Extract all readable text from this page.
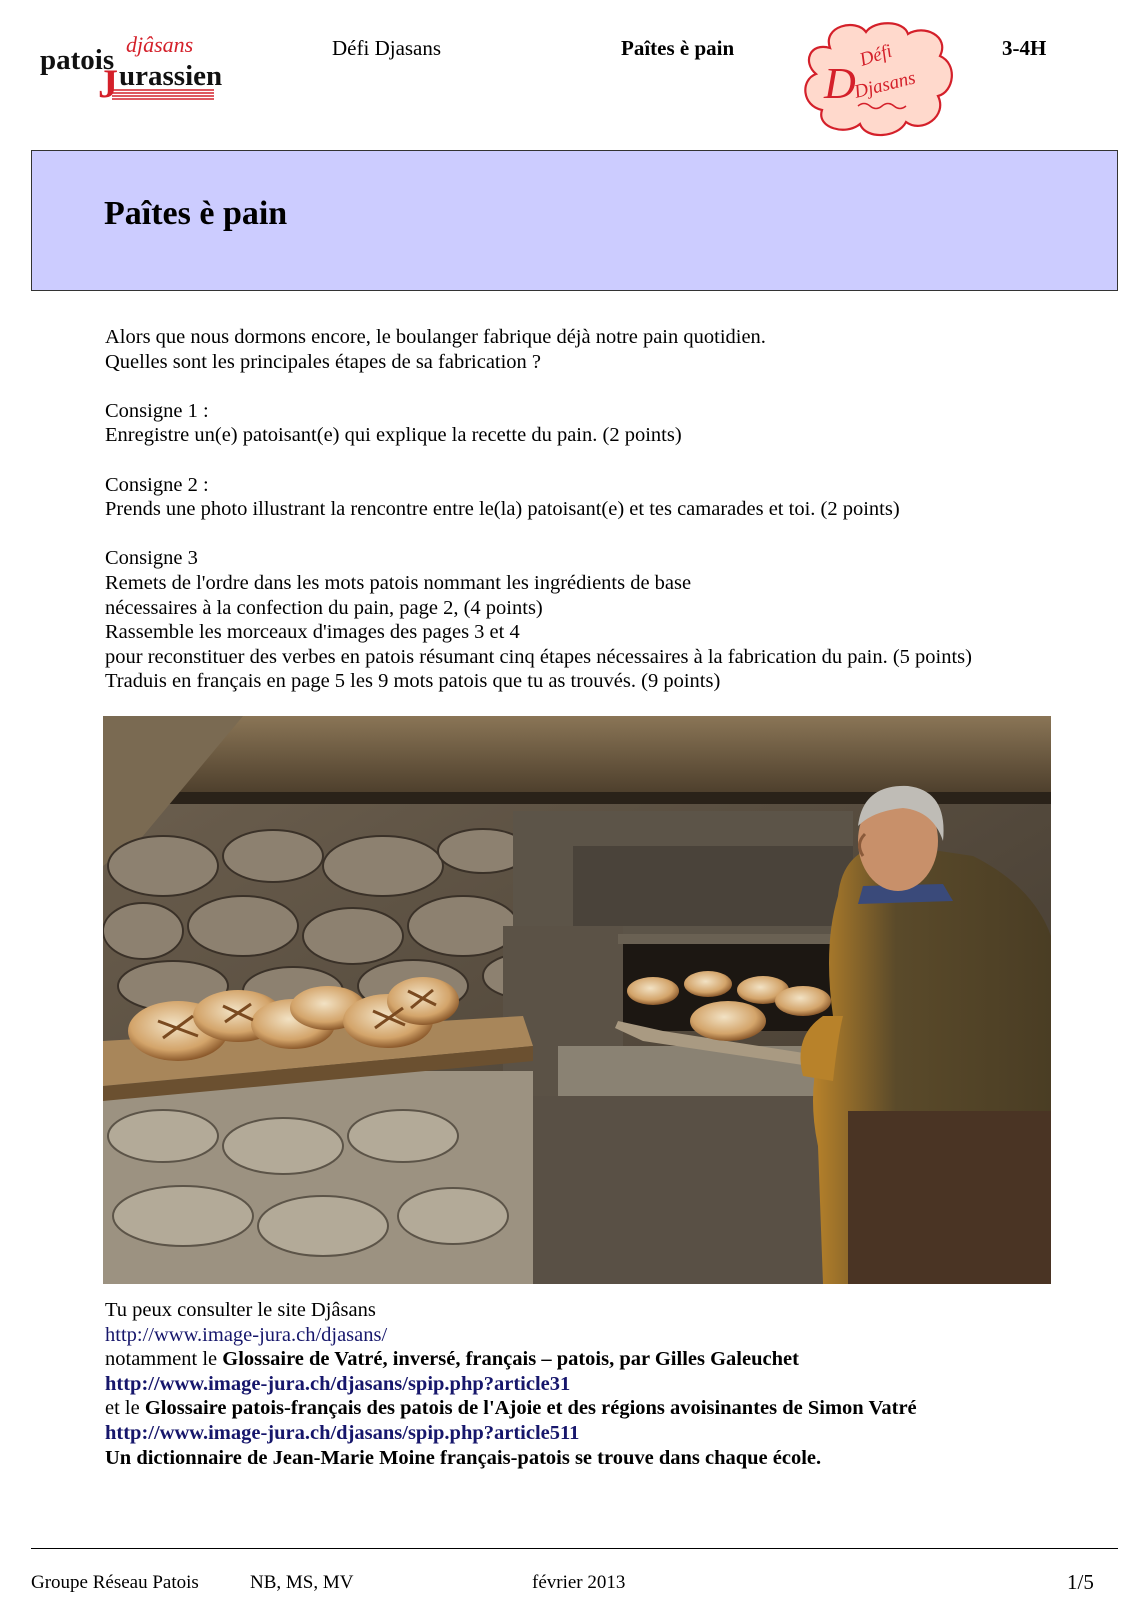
djâsans
patois
J urassien
Défi Djasans	Paîtes è pain	3-4H
D
Défi
Djasans
Paîtes è pain

Alors que nous dormons encore, le boulanger fabrique déjà notre pain quotidien.

Quelles sont les principales étapes de sa fabrication ?

Consigne 1 :

Enregistre un(e) patoisant(e) qui explique la recette du pain. (2 points)

Consigne 2 :

Prends une photo illustrant la rencontre entre le(la) patoisant(e) et tes camarades et toi. (2 points)

Consigne 3

Remets de l'ordre dans les mots patois nommant les ingrédients de base

nécessaires à la confection du pain, page 2, (4 points)

Rassemble les morceaux d'images des pages 3 et 4

pour reconstituer des verbes en patois résumant cinq étapes nécessaires à la fabrication du pain. (5 points)

Traduis en français en page 5 les 9 mots patois que tu as trouvés. (9 points)

Tu peux consulter le site Djâsans

http://www.image-jura.ch/djasans/

notamment le Glossaire de Vatré, inversé, français – patois, par Gilles Galeuchet

http://www.image-jura.ch/djasans/spip.php?article31

et le Glossaire patois-français des patois de l'Ajoie et des régions avoisinantes de Simon Vatré

http://www.image-jura.ch/djasans/spip.php?article511

Un dictionnaire de Jean-Marie Moine français-patois se trouve dans chaque école.

Groupe Réseau Patois	NB, MS, MV	février 2013	1/5
